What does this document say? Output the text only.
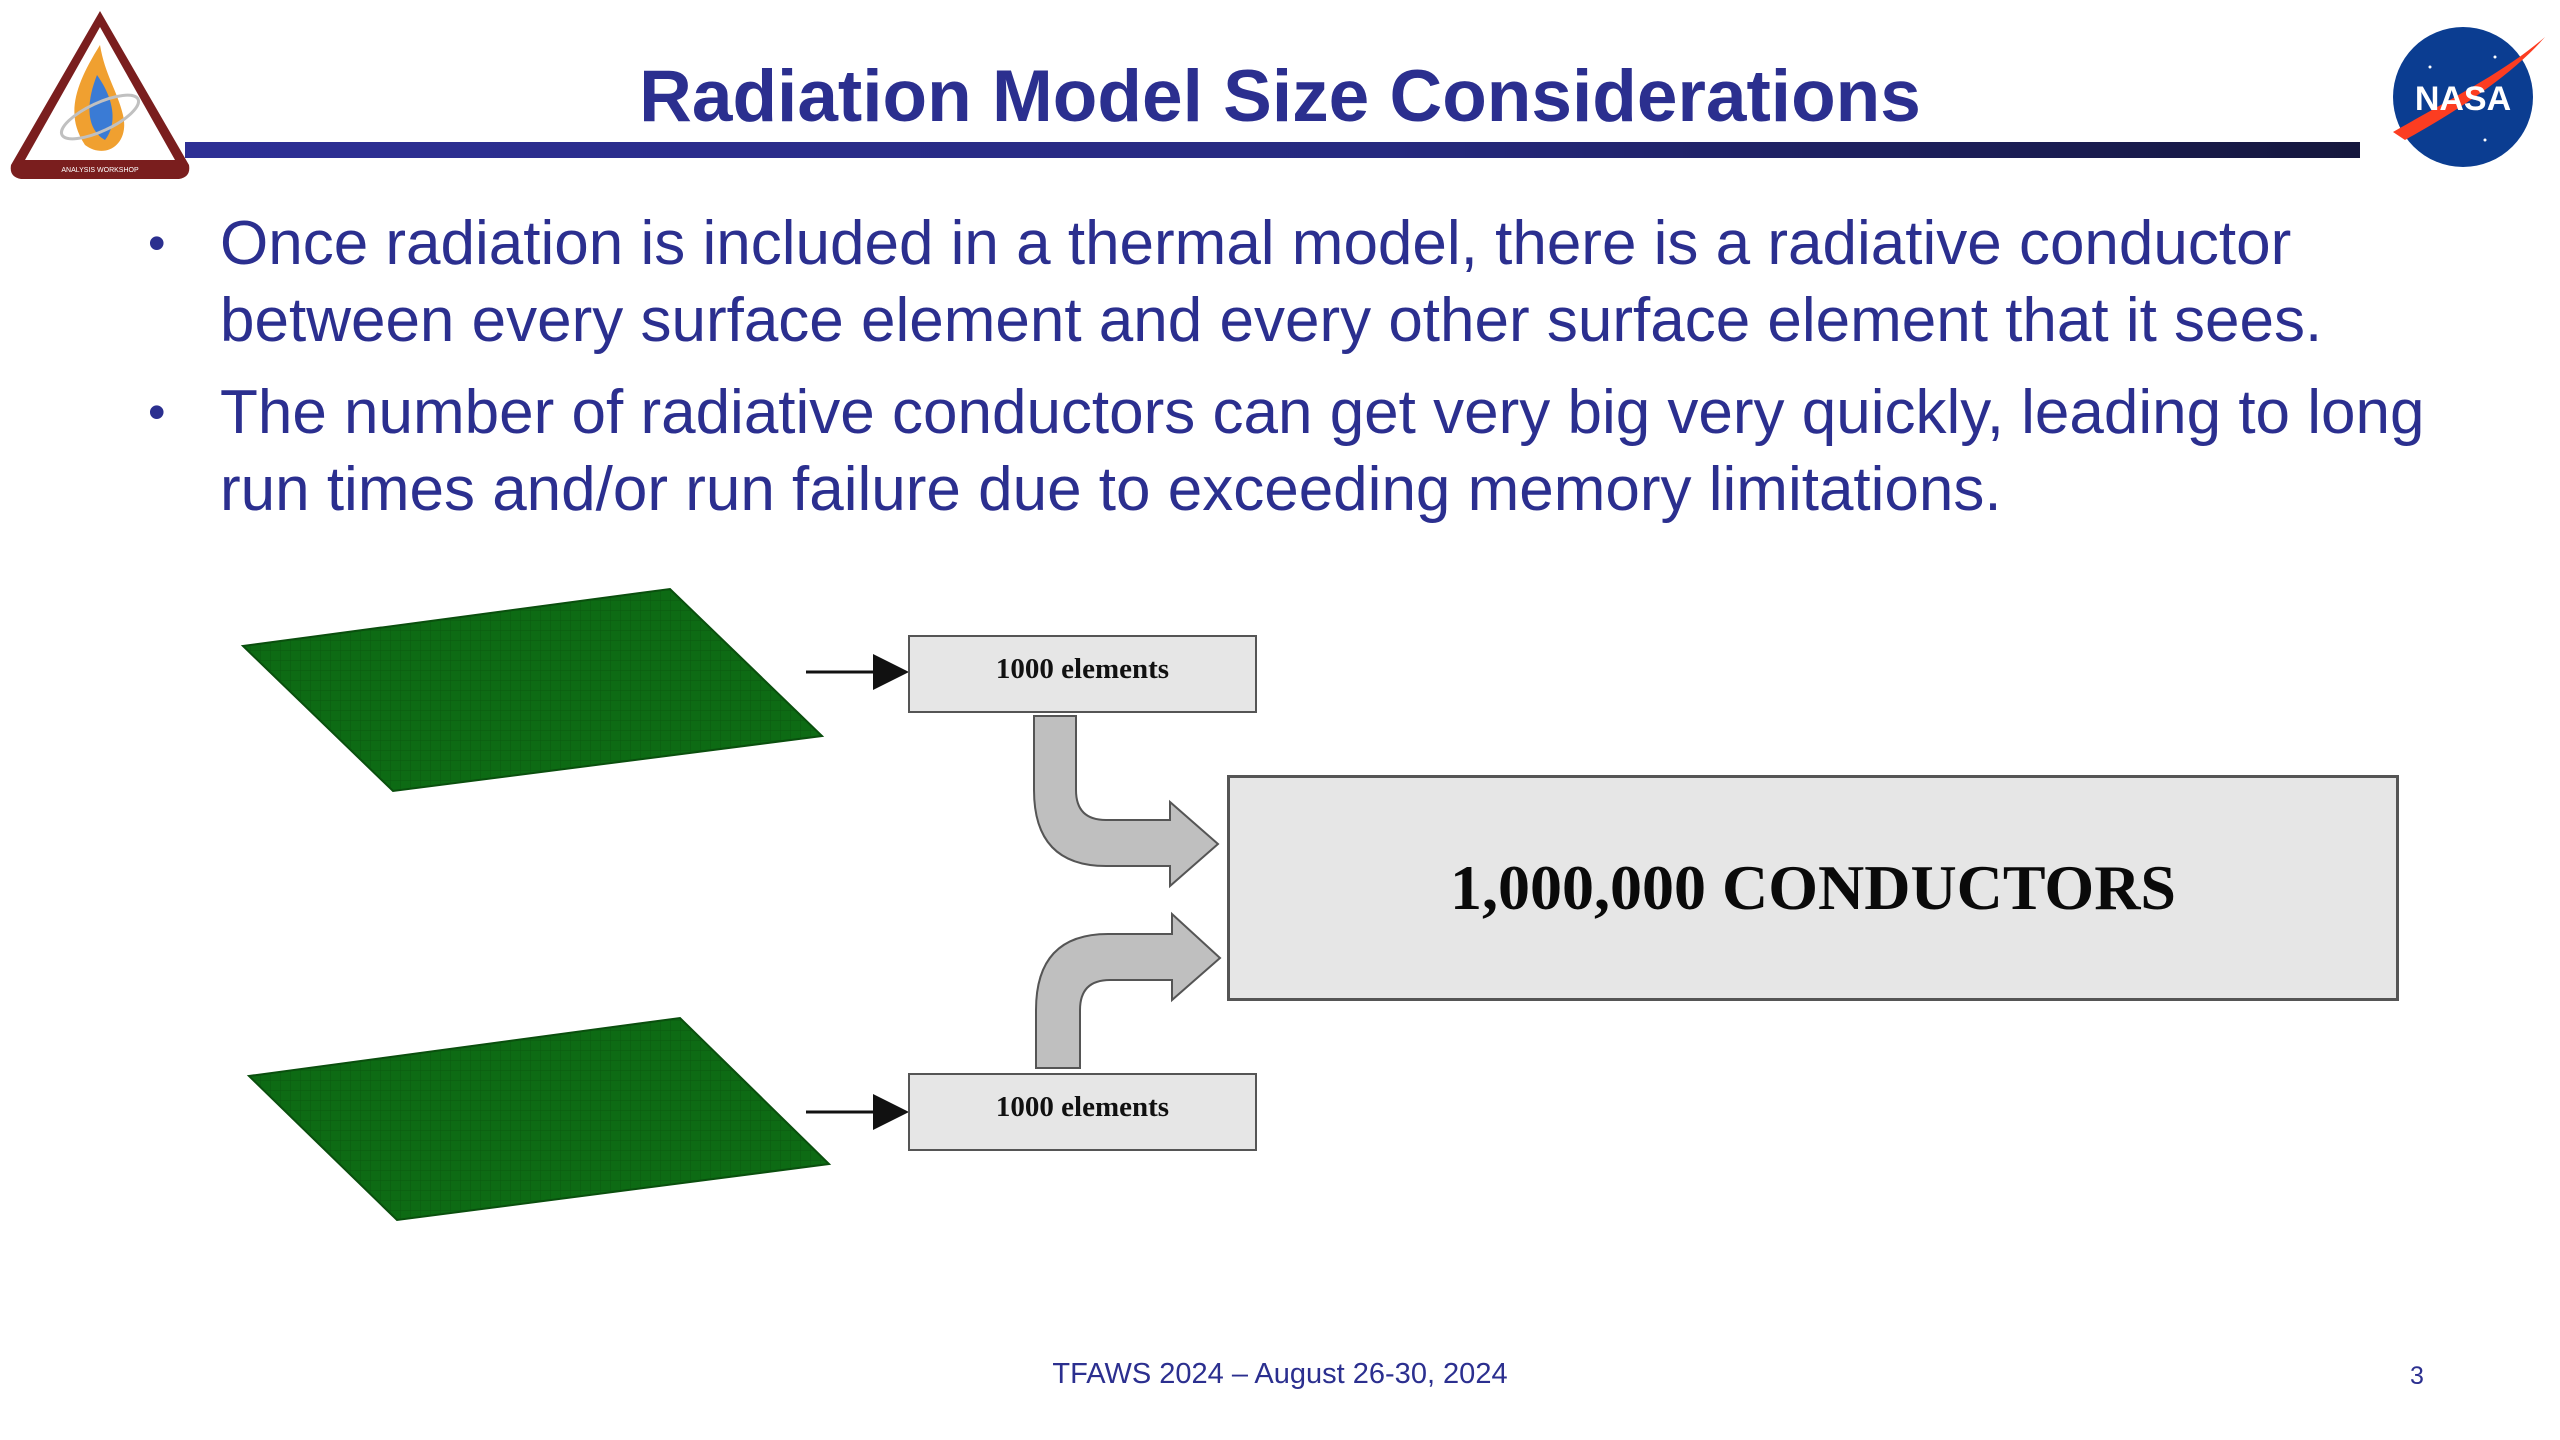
ANALYSIS WORKSHOP
NASA
Radiation Model Size Considerations
• Once radiation is included in a thermal model, there is a radiative conductor between every surface element and every other surface element that it sees.
• The number of radiative conductors can get very big very quickly, leading to long run times and/or run failure due to exceeding memory limitations.
1000 elements
1000 elements
1,000,000 CONDUCTORS
TFAWS 2024 – August 26-30, 2024	3
